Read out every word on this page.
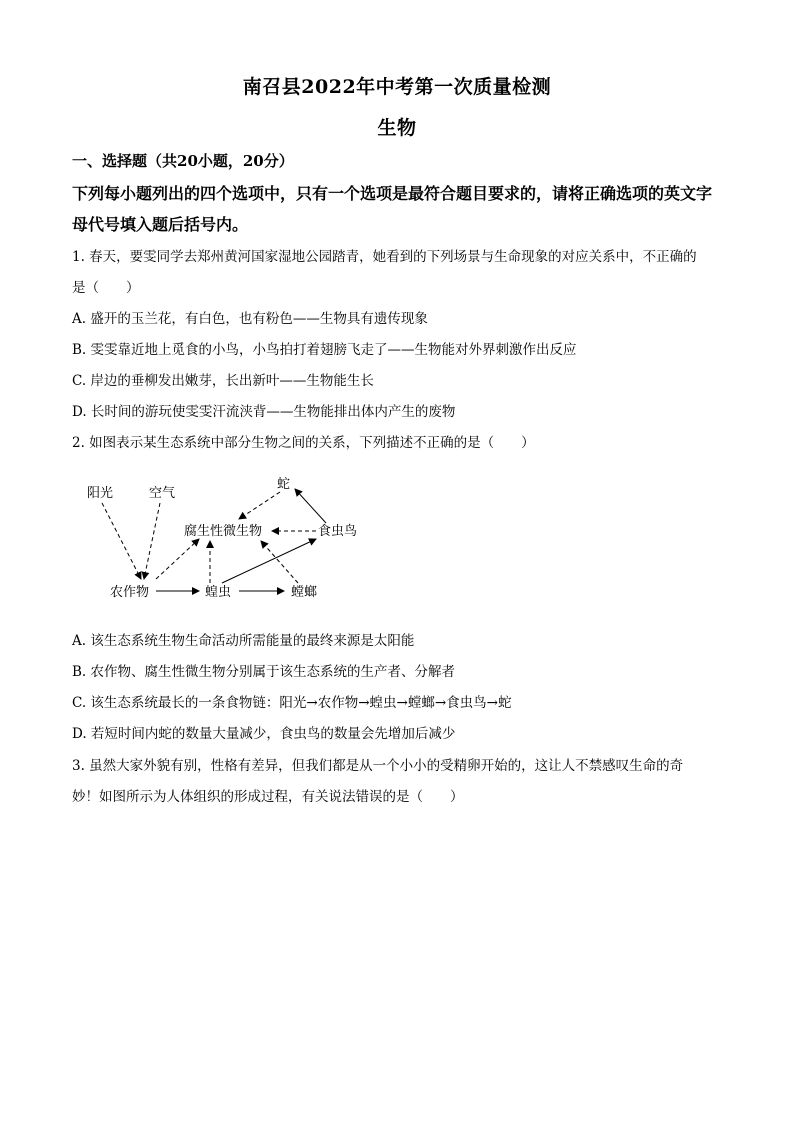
南召县2022年中考第一次质量检测
生物
一、选择题（共20小题，20分）
下列每小题列出的四个选项中，只有一个选项是最符合题目要求的，请将正确选项的英文字母代号填入题后括号内。
1. 春天，要雯同学去郑州黄河国家湿地公园踏青，她看到的下列场景与生命现象的对应关系中，不正确的
是（　　）
A. 盛开的玉兰花，有白色，也有粉色——生物具有遗传现象
B. 雯雯靠近地上觅食的小鸟，小鸟拍打着翅膀飞走了——生物能对外界刺激作出反应
C. 岸边的垂柳发出嫩芽，长出新叶——生物能生长
D. 长时间的游玩使雯雯汗流浃背——生物能排出体内产生的废物
2. 如图表示某生态系统中部分生物之间的关系，下列描述不正确的是（　　）
阳光	空气
蛇
腐生性微生物	食虫鸟
农作物	蝗虫	螳螂
A. 该生态系统生物生命活动所需能量的最终来源是太阳能
B. 农作物、腐生性微生物分别属于该生态系统的生产者、分解者
C. 该生态系统最长的一条食物链：阳光→农作物→蝗虫→螳螂→食虫鸟→蛇
D. 若短时间内蛇的数量大量减少，食虫鸟的数量会先增加后减少
3. 虽然大家外貌有别，性格有差异，但我们都是从一个小小的受精卵开始的，这让人不禁感叹生命的奇
妙！如图所示为人体组织的形成过程，有关说法错误的是（　　）
